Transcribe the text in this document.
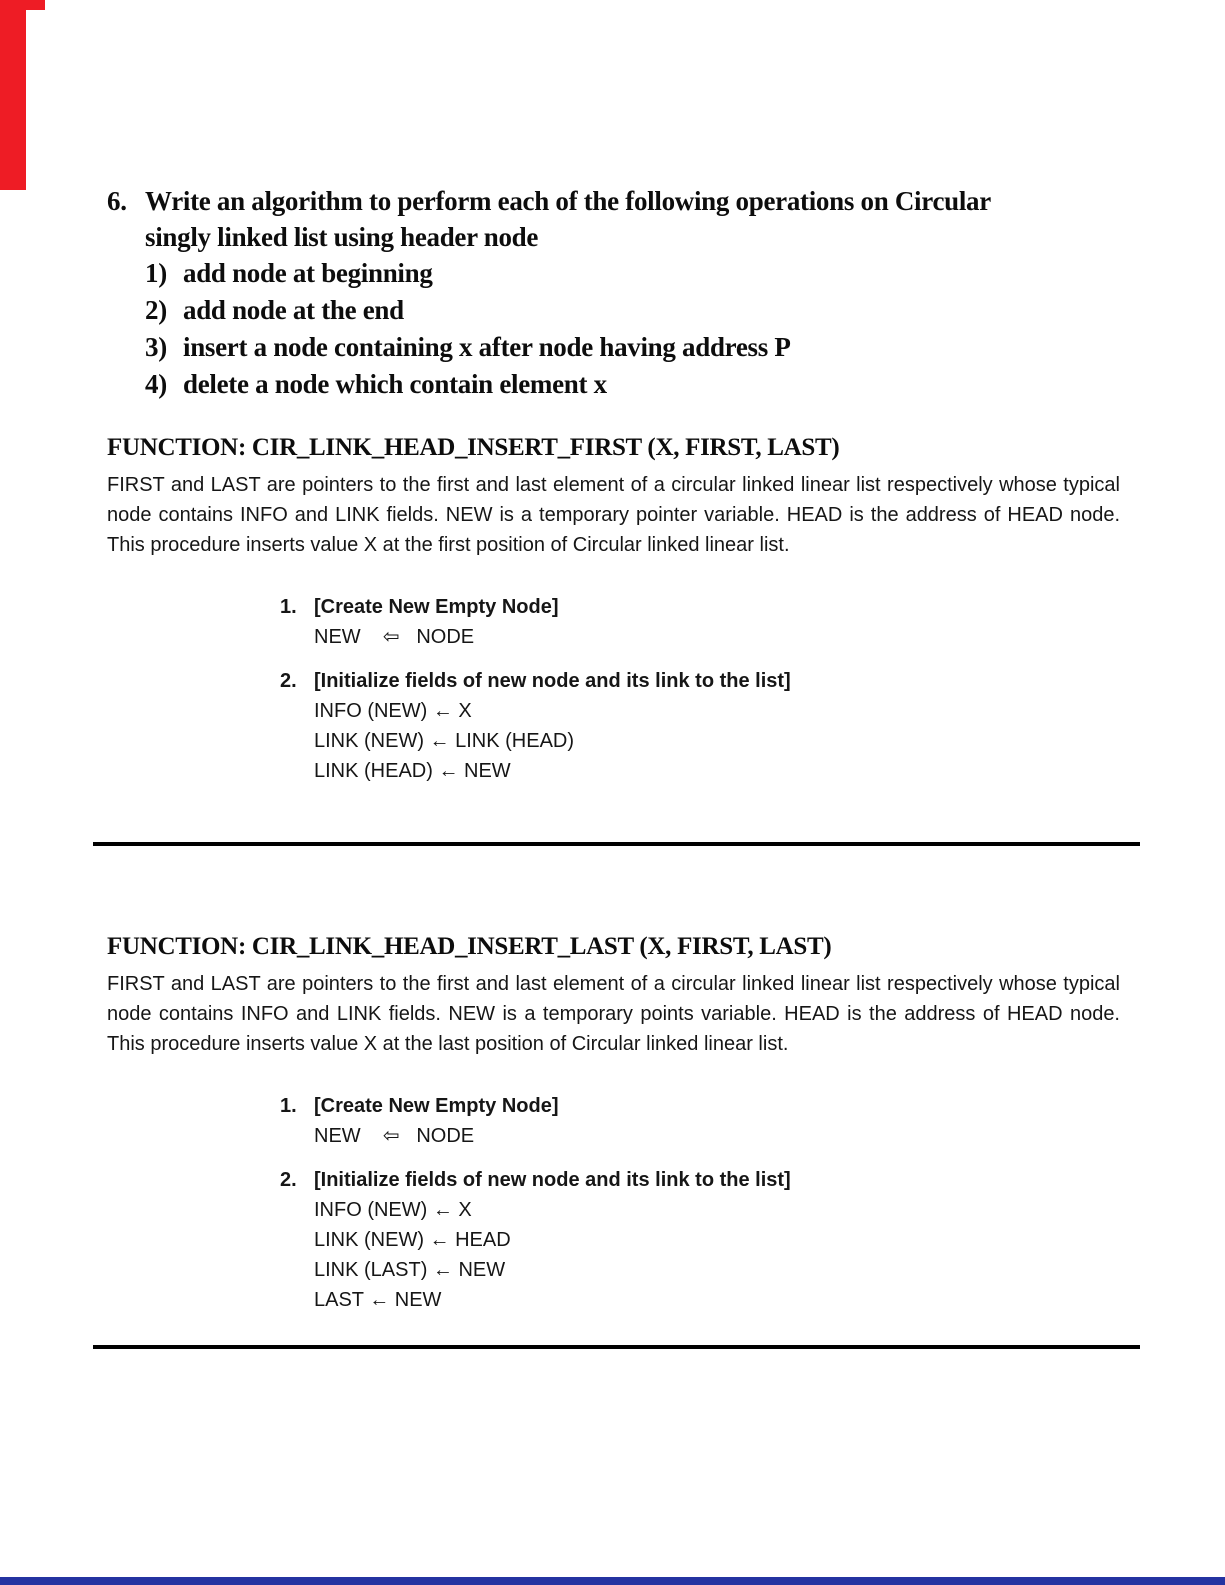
6. Write an algorithm to perform each of the following operations on Circular
singly linked list using header node
1) add node at beginning
2) add node at the end
3) insert a node containing x after node having address P
4) delete a node which contain element x
FUNCTION: CIR_LINK_HEAD_INSERT_FIRST (X, FIRST, LAST)

FIRST and LAST are pointers to the first and last element of a circular linked linear list respectively whose typical node contains INFO and LINK fields. NEW is a temporary pointer variable. HEAD is the address of HEAD node. This procedure inserts value X at the first position of Circular linked linear list.

1. [Create New Empty Node]
NEW    ⇦   NODE
2. [Initialize fields of new node and its link to the list]
INFO (NEW) ← X
LINK (NEW) ← LINK (HEAD)
LINK (HEAD) ← NEW
FUNCTION: CIR_LINK_HEAD_INSERT_LAST (X, FIRST, LAST)

FIRST and LAST are pointers to the first and last element of a circular linked linear list respectively whose typical node contains INFO and LINK fields. NEW is a temporary points variable. HEAD is the address of HEAD node. This procedure inserts value X at the last position of Circular linked linear list.

1. [Create New Empty Node]
NEW    ⇦   NODE
2. [Initialize fields of new node and its link to the list]
INFO (NEW) ← X
LINK (NEW) ← HEAD
LINK (LAST) ← NEW
LAST ← NEW
